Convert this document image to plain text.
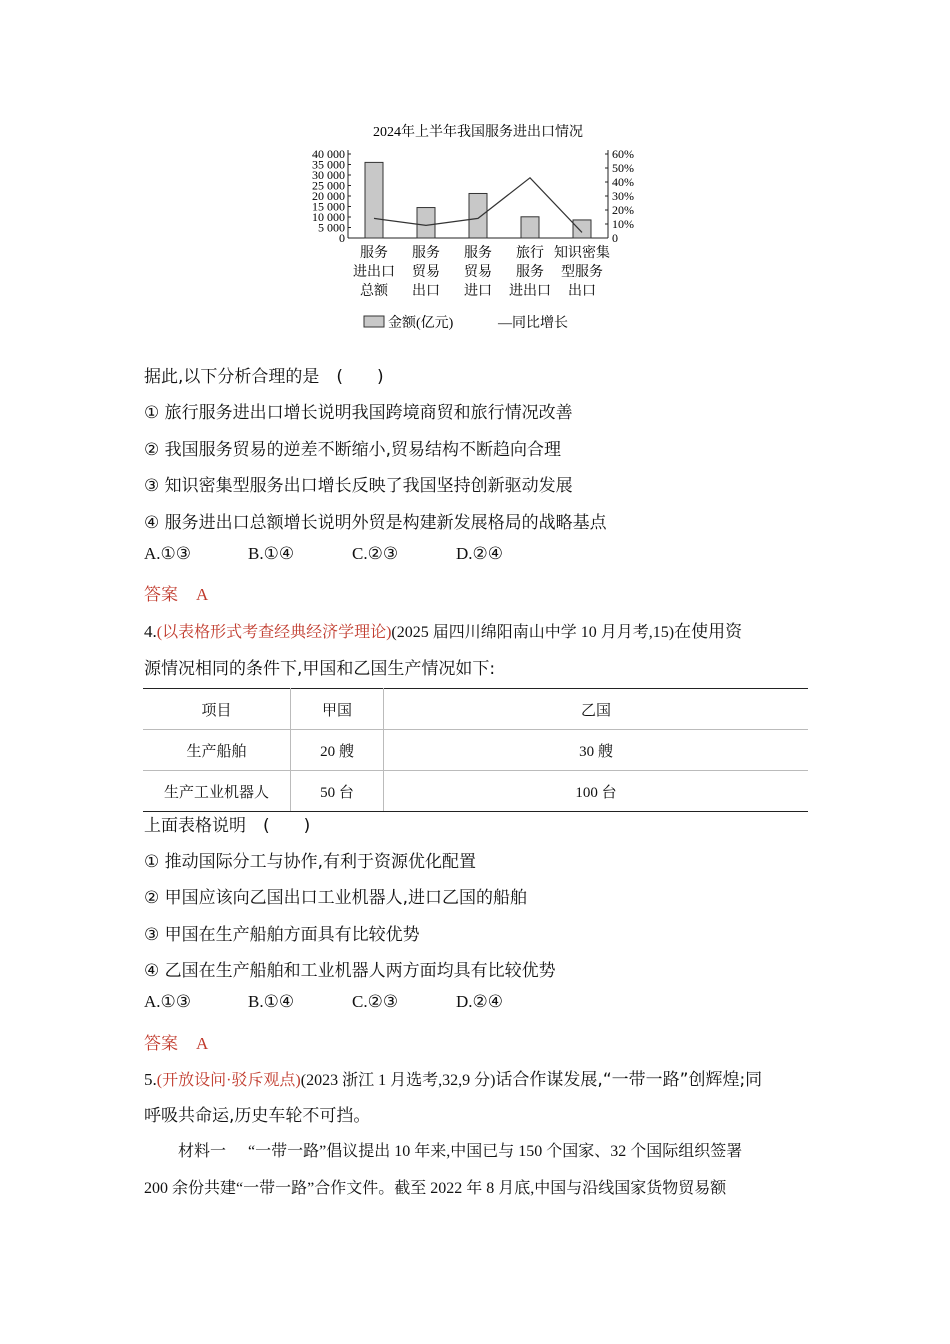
2024年上半年我国服务进出口情况
0
5 000
10 000
15 000
20 000
25 000
30 000
35 000
40 000
0
10%
20%
30%
40%
50%
60%
服务
进出口
总额
服务
贸易
出口
服务
贸易
进口
旅行
服务
进出口
知识密集
型服务
出口
金额(亿元)	—同比增长
据此,以下分析合理的是　(　　)
① 旅行服务进出口增长说明我国跨境商贸和旅行情况改善
② 我国服务贸易的逆差不断缩小,贸易结构不断趋向合理
③ 知识密集型服务出口增长反映了我国坚持创新驱动发展
④ 服务进出口总额增长说明外贸是构建新发展格局的战略基点
A.①③	B.①④	C.②③	D.②④
答案 A
4.(以表格形式考查经典经济学理论)(2025 届四川绵阳南山中学 10 月月考,15)在使用资
源情况相同的条件下,甲国和乙国生产情况如下:
项目	甲国	乙国
生产船舶	20 艘	30 艘
生产工业机器人	50 台	100 台
上面表格说明　(　　)
① 推动国际分工与协作,有利于资源优化配置
② 甲国应该向乙国出口工业机器人,进口乙国的船舶
③ 甲国在生产船舶方面具有比较优势
④ 乙国在生产船舶和工业机器人两方面均具有比较优势
A.①③	B.①④	C.②③	D.②④
答案 A
5.(开放设问·驳斥观点)(2023 浙江 1 月选考,32,9 分)话合作谋发展,“一带一路”创辉煌;同
呼吸共命运,历史车轮不可挡。
材料一 “一带一路”倡议提出 10 年来,中国已与 150 个国家、32 个国际组织签署
200 余份共建“一带一路”合作文件。截至 2022 年 8 月底,中国与沿线国家货物贸易额
